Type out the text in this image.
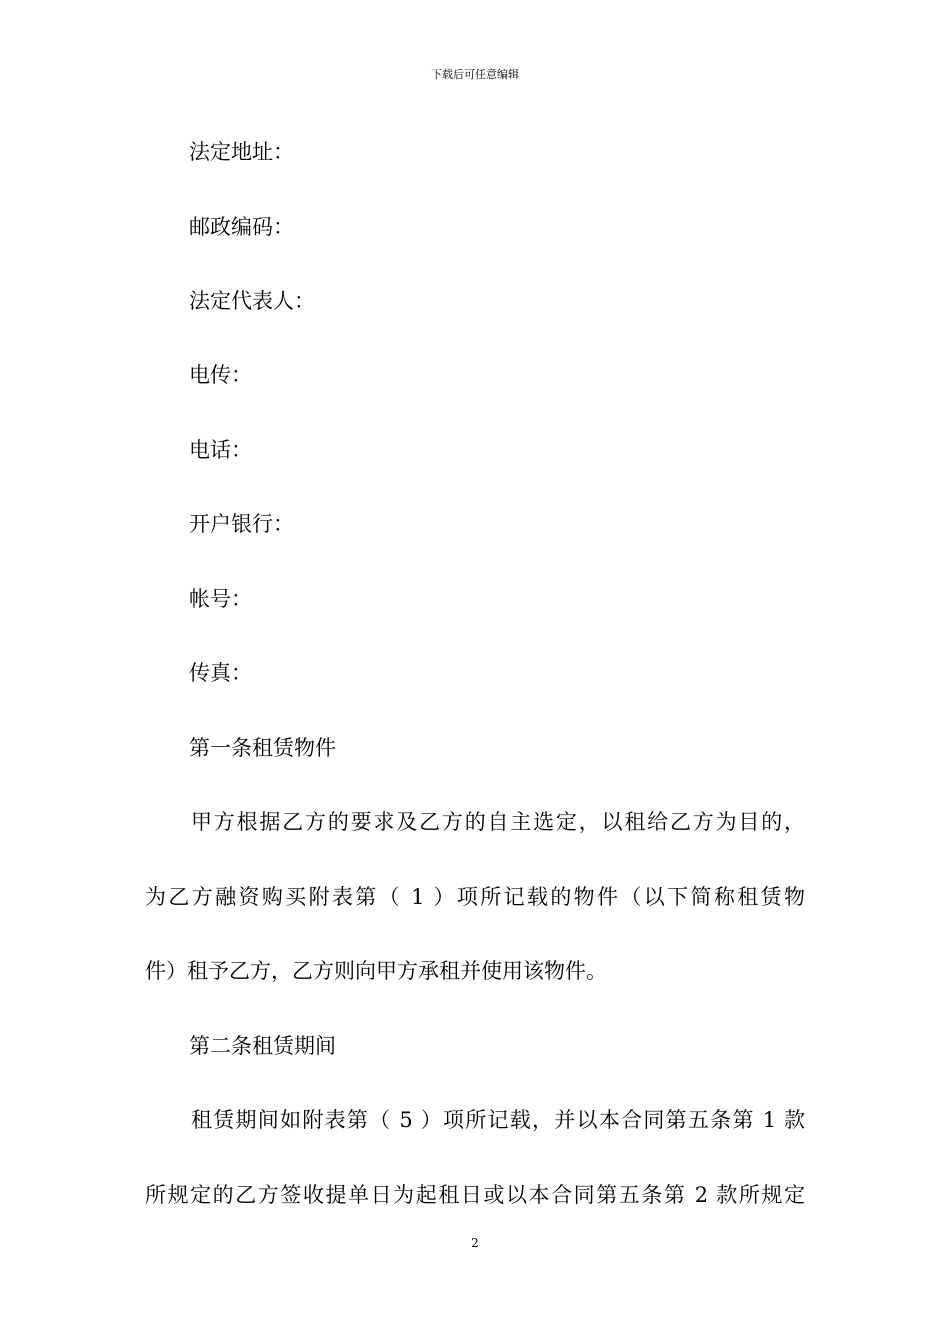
下载后可任意编辑
法定地址：
邮政编码：
法定代表人：
电传：
电话：
开户银行：
帐号：
传真：
第一条租赁物件
甲方根据乙方的要求及乙方的自主选定，以租给乙方为目的，
为乙方融资购买附表第（ 1 ）项所记载的物件（以下简称租赁物
件）租予乙方，乙方则向甲方承租并使用该物件。
第二条租赁期间
租赁期间如附表第（ 5 ）项所记载，并以本合同第五条第 1 款
所规定的乙方签收提单日为起租日或以本合同第五条第 2 款所规定
2
